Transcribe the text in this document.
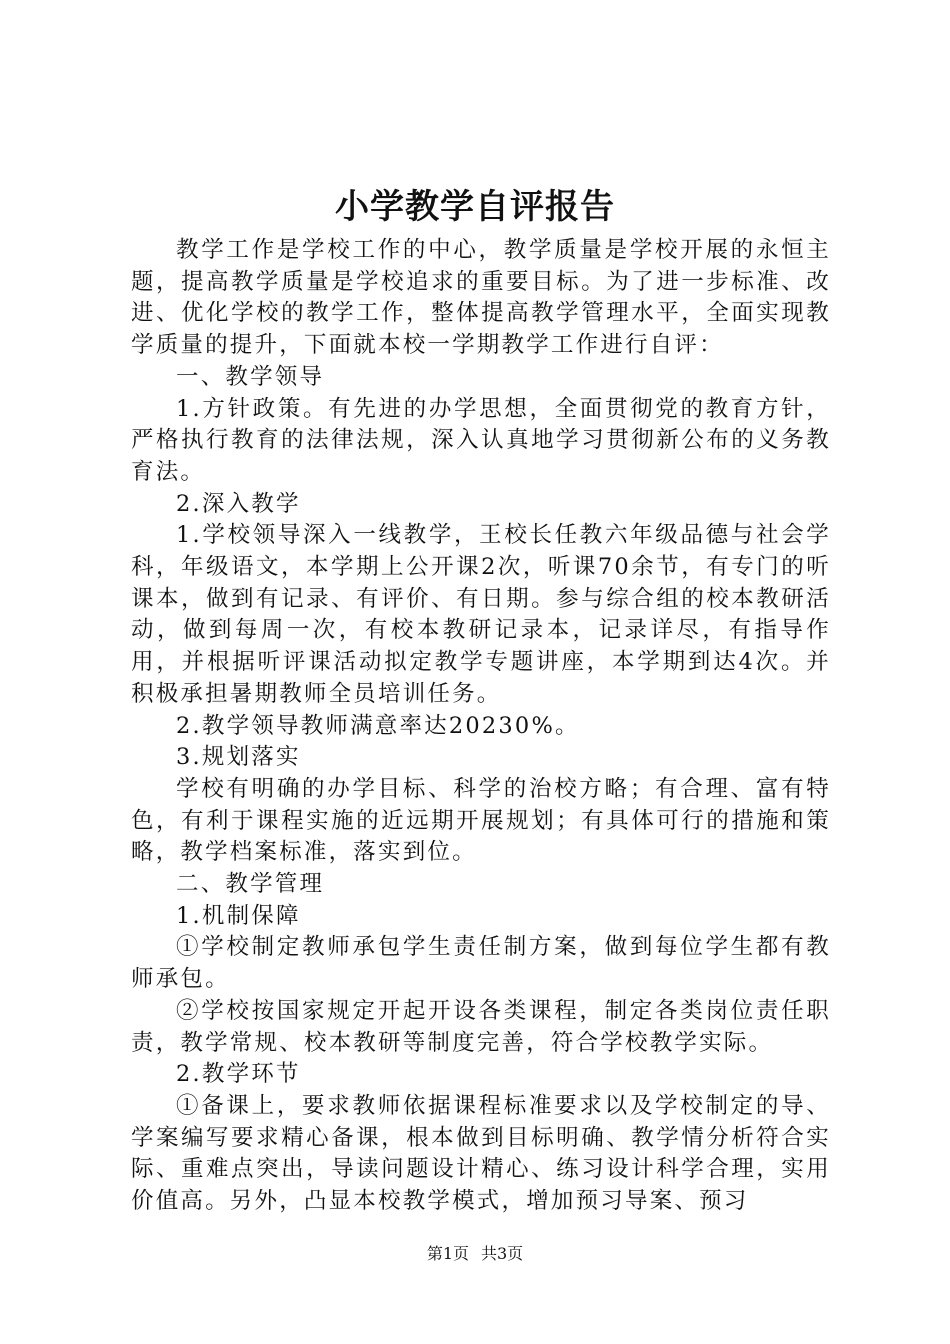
小学教学自评报告

教学工作是学校工作的中心，教学质量是学校开展的永恒主题，提高教学质量是学校追求的重要目标。为了进一步标准、改进、优化学校的教学工作，整体提高教学管理水平，全面实现教学质量的提升，下面就本校一学期教学工作进行自评：

一、教学领导

1.方针政策。有先进的办学思想，全面贯彻党的教育方针，严格执行教育的法律法规，深入认真地学习贯彻新公布的义务教育法。

2.深入教学

1.学校领导深入一线教学，王校长任教六年级品德与社会学科，年级语文，本学期上公开课2次，听课70余节，有专门的听课本，做到有记录、有评价、有日期。参与综合组的校本教研活动，做到每周一次，有校本教研记录本，记录详尽，有指导作用，并根据听评课活动拟定教学专题讲座，本学期到达4次。并积极承担暑期教师全员培训任务。

2.教学领导教师满意率达20230%。

3.规划落实

学校有明确的办学目标、科学的治校方略；有合理、富有特色，有利于课程实施的近远期开展规划；有具体可行的措施和策略，教学档案标准，落实到位。

二、教学管理

1.机制保障

①学校制定教师承包学生责任制方案，做到每位学生都有教师承包。

②学校按国家规定开起开设各类课程，制定各类岗位责任职责，教学常规、校本教研等制度完善，符合学校教学实际。

2.教学环节

①备课上，要求教师依据课程标准要求以及学校制定的导、学案编写要求精心备课，根本做到目标明确、教学情分析符合实际、重难点突出，导读问题设计精心、练习设计科学合理，实用价值高。另外，凸显本校教学模式，增加预习导案、预习

第1页 共3页
